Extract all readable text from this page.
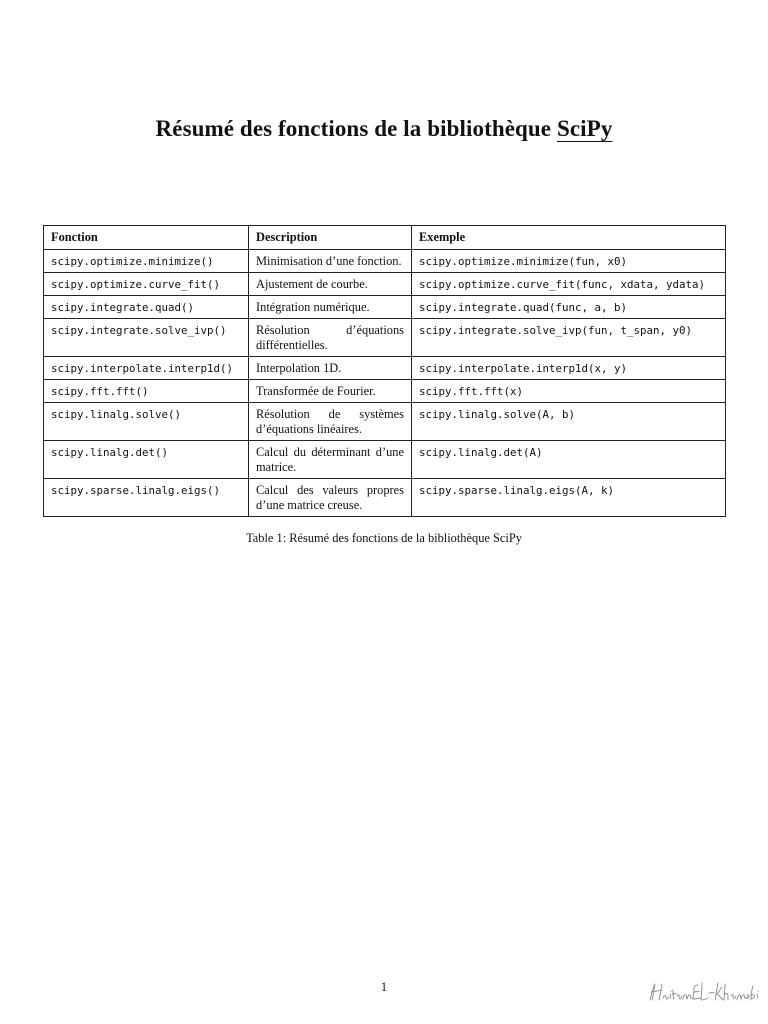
Résumé des fonctions de la bibliothèque SciPy
Fonction	Description	Exemple
scipy.optimize.minimize()	Minimisation d’une fonction.	scipy.optimize.minimize(fun, x0)
scipy.optimize.curve_fit()	Ajustement de courbe.	scipy.optimize.curve_fit(func, xdata, ydata)
scipy.integrate.quad()	Intégration numérique.	scipy.integrate.quad(func, a, b)
scipy.integrate.solve_ivp()	Résolution d’équations différentielles.	scipy.integrate.solve_ivp(fun, t_span, y0)
scipy.interpolate.interp1d()	Interpolation 1D.	scipy.interpolate.interp1d(x, y)
scipy.fft.fft()	Transformée de Fourier.	scipy.fft.fft(x)
scipy.linalg.solve()	Résolution de systèmes d’équations linéaires.	scipy.linalg.solve(A, b)
scipy.linalg.det()	Calcul du déterminant d’une matrice.	scipy.linalg.det(A)
scipy.sparse.linalg.eigs()	Calcul des valeurs propres d’une matrice creuse.	scipy.sparse.linalg.eigs(A, k)
Table 1: Résumé des fonctions de la bibliothèque SciPy
1
